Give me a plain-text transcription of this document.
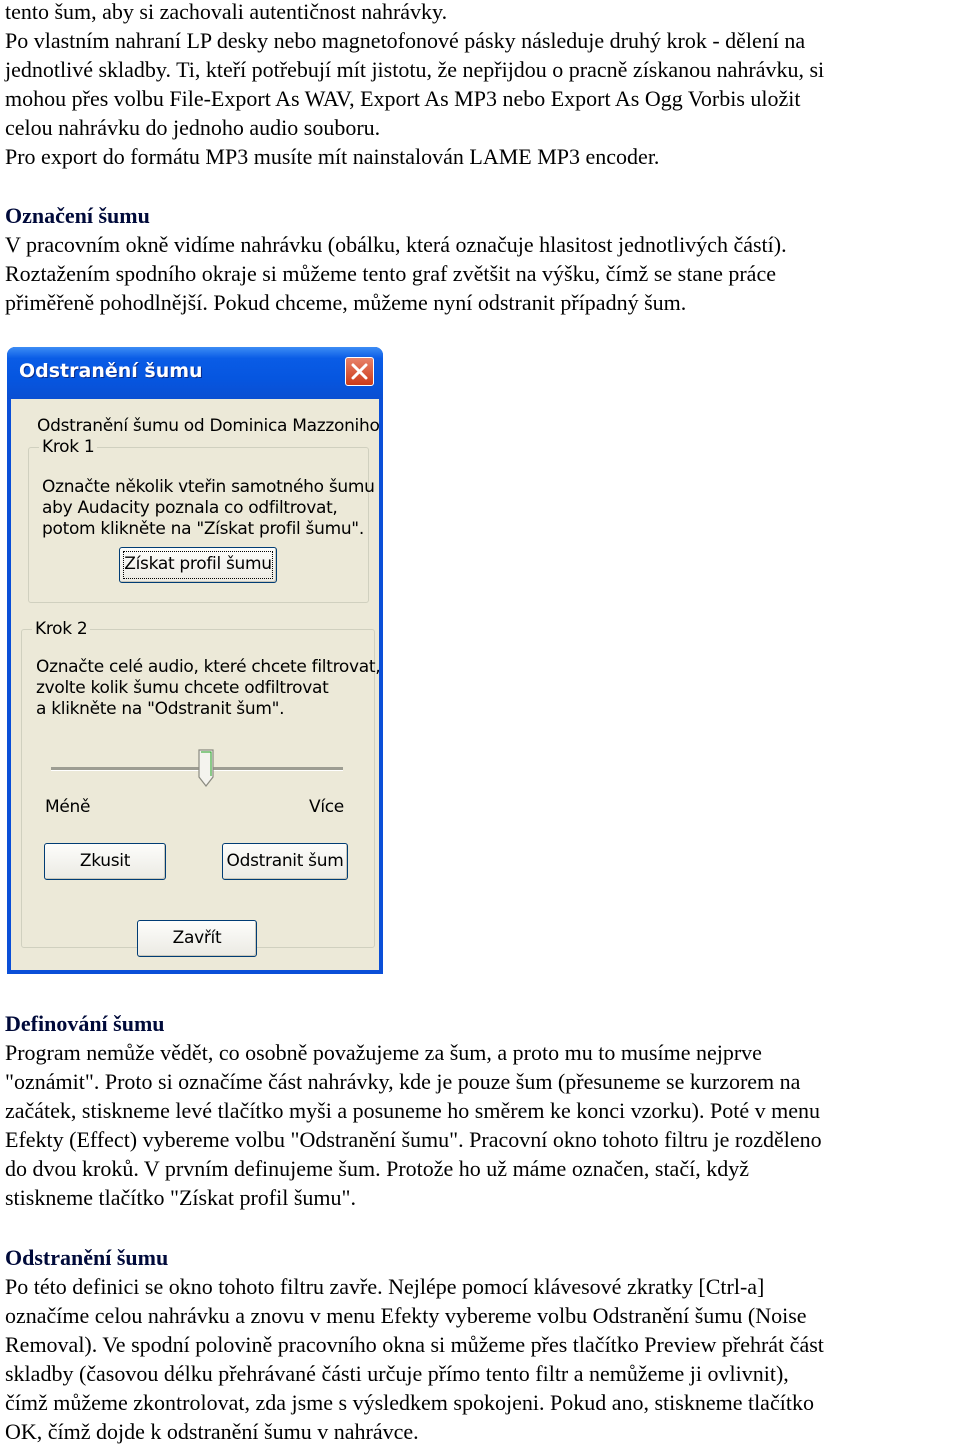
tento šum, aby si zachovali autentičnost nahrávky.

Po vlastním nahraní LP desky nebo magnetofonové pásky následuje druhý krok - dělení na

jednotlivé skladby. Ti, kteří potřebují mít jistotu, že nepřijdou o pracně získanou nahrávku, si

mohou přes volbu File-Export As WAV, Export As MP3 nebo Export As Ogg Vorbis uložit

celou nahrávku do jednoho audio souboru.

Pro export do formátu MP3 musíte mít nainstalován LAME MP3 encoder.

Označení šumu

V pracovním okně vidíme nahrávku (obálku, která označuje hlasitost jednotlivých částí).

Roztažením spodního okraje si můžeme tento graf zvětšit na výšku, čímž se stane práce

přiměřeně pohodlnější. Pokud chceme, můžeme nyní odstranit případný šum.

Odstranění šumu
Odstranění šumu od Dominica Mazzoniho
Krok 1
Označte několik vteřin samotného šumu
aby Audacity poznala co odfiltrovat,
potom klikněte na "Získat profil šumu".
Získat profil šumu
Krok 2
Označte celé audio, které chcete filtrovat,
zvolte kolik šumu chcete odfiltrovat
a klikněte na "Odstranit šum".
Méně	Více
Zkusit	Odstranit šum
Zavřít

Definování šumu

Program nemůže vědět, co osobně považujeme za šum, a proto mu to musíme nejprve

"oznámit". Proto si označíme část nahrávky, kde je pouze šum (přesuneme se kurzorem na

začátek, stiskneme levé tlačítko myši a posuneme ho směrem ke konci vzorku). Poté v menu

Efekty (Effect) vybereme volbu "Odstranění šumu". Pracovní okno tohoto filtru je rozděleno

do dvou kroků. V prvním definujeme šum. Protože ho už máme označen, stačí, když

stiskneme tlačítko "Získat profil šumu".

Odstranění šumu

Po této definici se okno tohoto filtru zavře. Nejlépe pomocí klávesové zkratky [Ctrl-a]

označíme celou nahrávku a znovu v menu Efekty vybereme volbu Odstranění šumu (Noise

Removal). Ve spodní polovině pracovního okna si můžeme přes tlačítko Preview přehrát část

skladby (časovou délku přehrávané části určuje přímo tento filtr a nemůžeme ji ovlivnit),

čímž můžeme zkontrolovat, zda jsme s výsledkem spokojeni. Pokud ano, stiskneme tlačítko

OK, čímž dojde k odstranění šumu v nahrávce.
